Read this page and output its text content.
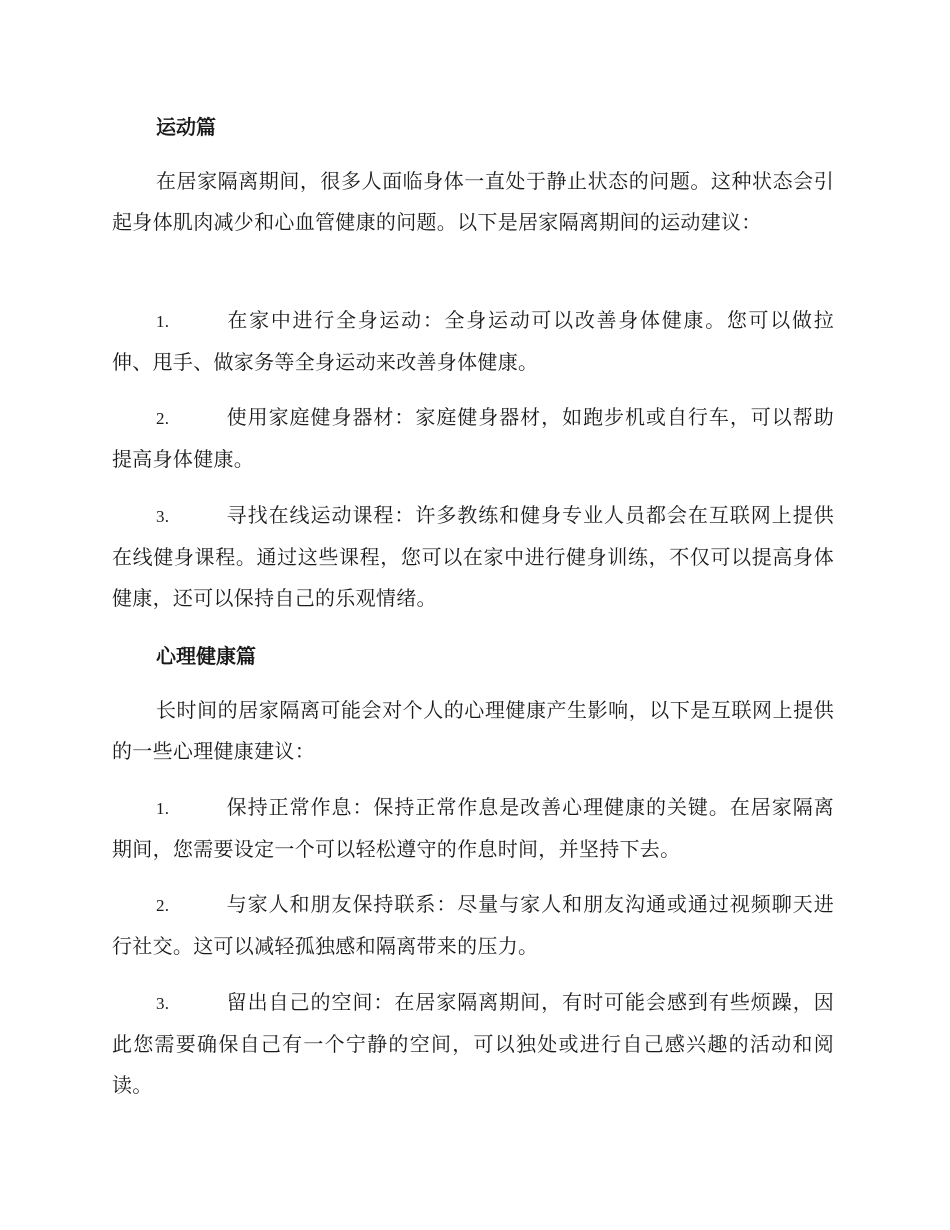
运动篇

在居家隔离期间，很多人面临身体一直处于静止状态的问题。这种状态会引起身体肌肉减少和心血管健康的问题。以下是居家隔离期间的运动建议：

1.	在家中进行全身运动：全身运动可以改善身体健康。您可以做拉伸、甩手、做家务等全身运动来改善身体健康。

2.	使用家庭健身器材：家庭健身器材，如跑步机或自行车，可以帮助提高身体健康。

3.	寻找在线运动课程：许多教练和健身专业人员都会在互联网上提供在线健身课程。通过这些课程，您可以在家中进行健身训练，不仅可以提高身体健康，还可以保持自己的乐观情绪。

心理健康篇

长时间的居家隔离可能会对个人的心理健康产生影响，以下是互联网上提供的一些心理健康建议：

1.	保持正常作息：保持正常作息是改善心理健康的关键。在居家隔离期间，您需要设定一个可以轻松遵守的作息时间，并坚持下去。

2.	与家人和朋友保持联系：尽量与家人和朋友沟通或通过视频聊天进行社交。这可以减轻孤独感和隔离带来的压力。

3.	留出自己的空间：在居家隔离期间，有时可能会感到有些烦躁，因此您需要确保自己有一个宁静的空间，可以独处或进行自己感兴趣的活动和阅读。
